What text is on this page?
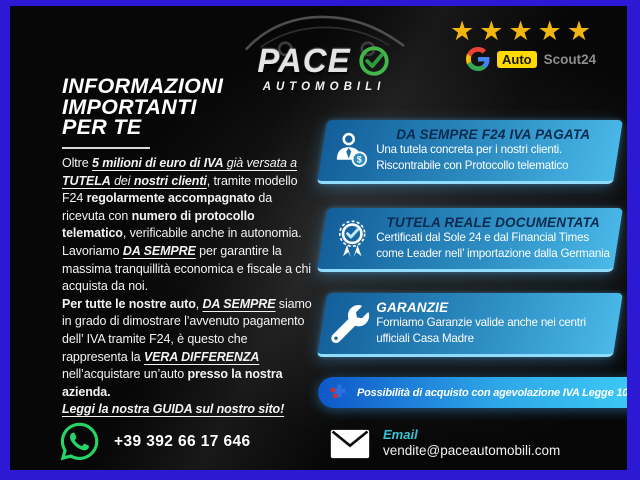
PACE
AUTOMOBILI
★ ★ ★ ★ ★
Auto Scout24
INFORMAZIONI
IMPORTANTI
PER TE

Oltre 5 milioni di euro di IVA già versata a TUTELA dei nostri clienti, tramite modello F24 regolarmente accompagnato da ricevuta con numero di protocollo telematico, verificabile anche in autonomia. Lavoriamo DA SEMPRE per garantire la massima tranquillità economica e fiscale a chi acquista da noi.

Per tutte le nostre auto, DA SEMPRE siamo in grado di dimostrare l’avvenuto pagamento dell’ IVA tramite F24, è questo che rappresenta la VERA DIFFERENZA nell’acquistare un’auto presso la nostra azienda.

Leggi la nostra GUIDA sul nostro sito!

$
DA SEMPRE F24 IVA PAGATA
Una tutela concreta per i nostri clienti.
Riscontrabile con Protocollo telematico
TUTELA REALE DOCUMENTATA
Certificati dal Sole 24 e dal Financial Times
come Leader nell’ importazione dalla Germania
GARANZIE
Forniamo Garanzie valide anche nei centri
ufficiali Casa Madre
Possibilità di acquisto con agevolazione IVA Legge 104
+39 392 66 17 646	Email
vendite@paceautomobili.com
